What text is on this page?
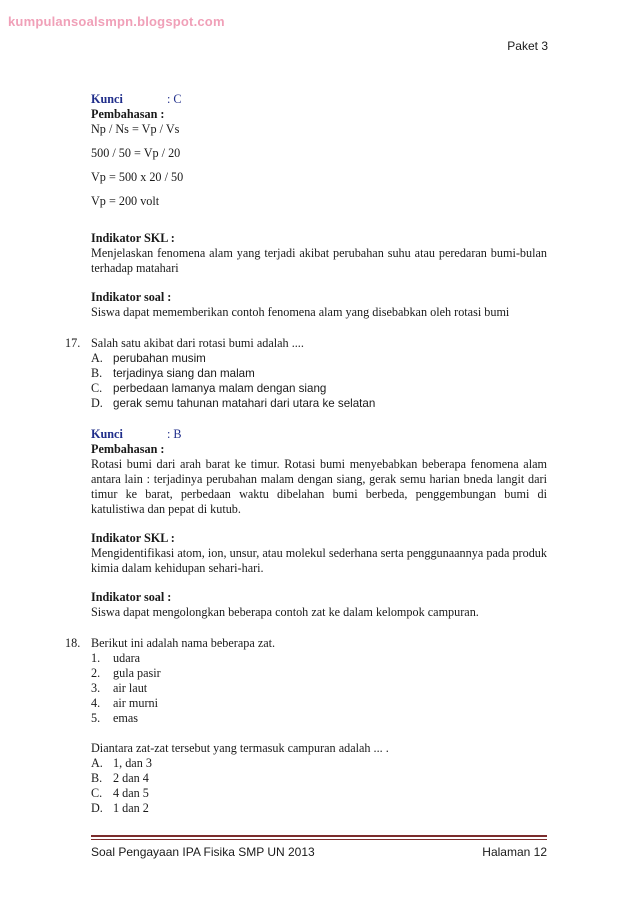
kumpulansoalsmpn.blogspot.com
Paket 3
Kunci	: C
Pembahasan :
Np / Ns = Vp / Vs
500 / 50 = Vp / 20
Vp = 500 x 20 / 50
Vp = 200 volt
Indikator SKL :
Menjelaskan fenomena alam yang terjadi akibat perubahan suhu atau peredaran bumi-bulan terhadap matahari
Indikator soal :
Siswa dapat mememberikan contoh fenomena alam yang disebabkan oleh rotasi bumi
17. Salah satu akibat dari rotasi bumi adalah ....
A. perubahan musim
B. terjadinya siang dan malam
C. perbedaan lamanya malam dengan siang
D. gerak semu tahunan matahari dari utara ke selatan
Kunci	: B
Pembahasan :
Rotasi bumi dari arah barat ke timur. Rotasi bumi menyebabkan beberapa fenomena alam antara lain : terjadinya perubahan malam dengan siang, gerak semu harian bneda langit dari timur ke barat, perbedaan waktu dibelahan bumi berbeda, penggembungan bumi di katulistiwa dan pepat di kutub.
Indikator SKL :
Mengidentifikasi atom, ion, unsur, atau molekul sederhana serta penggunaannya pada produk kimia dalam kehidupan sehari-hari.
Indikator soal :
Siswa dapat mengolongkan beberapa contoh zat ke dalam kelompok campuran.
18. Berikut ini adalah nama beberapa zat.
1.	udara
2.	gula pasir
3.	air laut
4.	air murni
5.	emas
Diantara zat-zat tersebut yang termasuk campuran adalah ... .
A. 1, dan 3
B. 2 dan 4
C. 4 dan 5
D. 1 dan 2
Soal Pengayaan IPA Fisika SMP UN 2013	Halaman 12
